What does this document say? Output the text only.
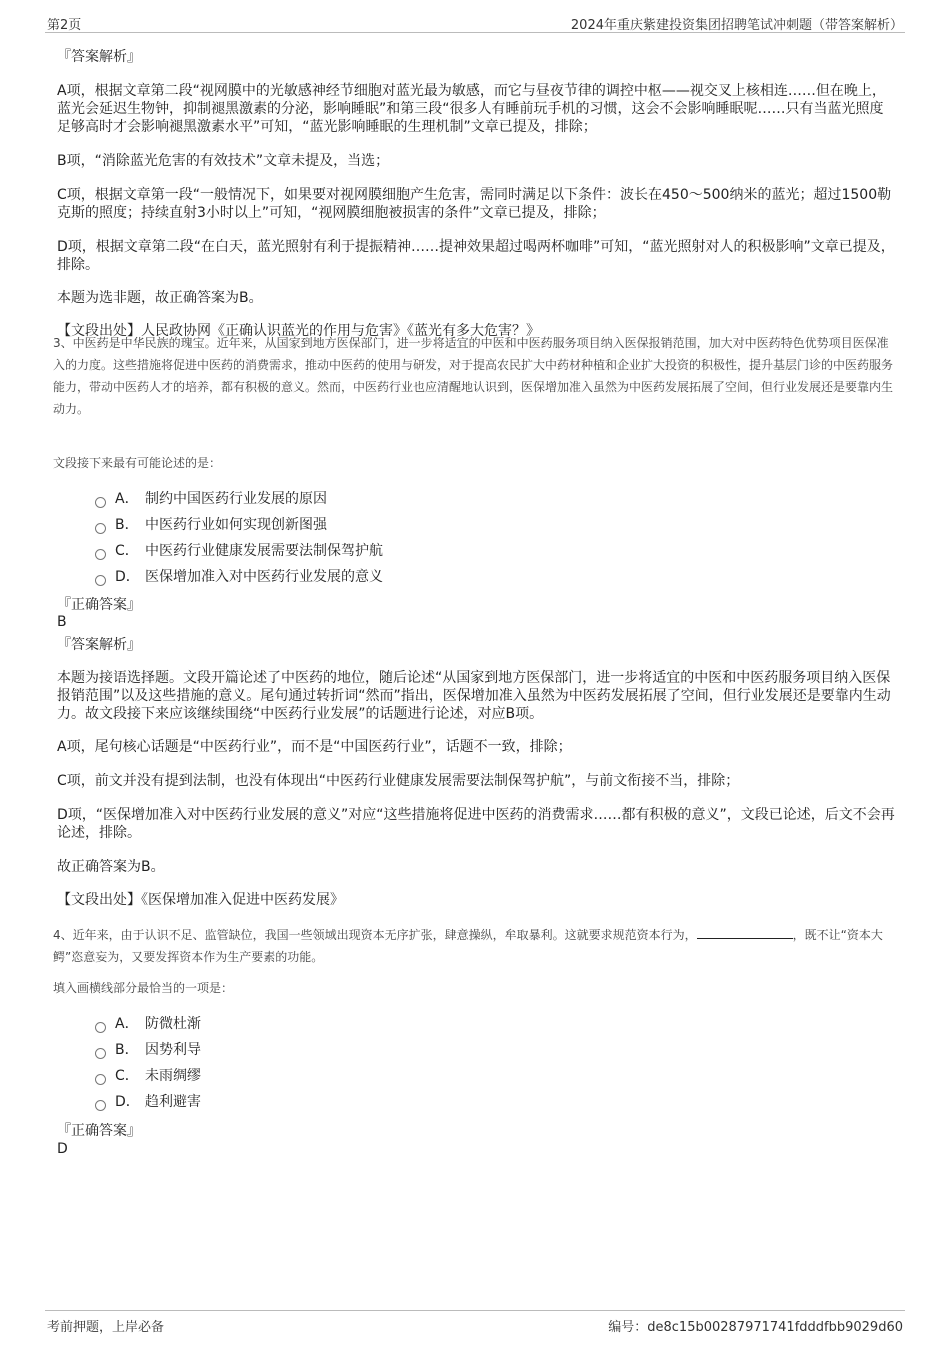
第2页	2024年重庆紫建投资集团招聘笔试冲刺题（带答案解析）
『答案解析』

A项，根据文章第二段“视网膜中的光敏感神经节细胞对蓝光最为敏感，而它与昼夜节律的调控中枢——视交叉上核相连……但在晚上，蓝光会延迟生物钟，抑制褪黑激素的分泌，影响睡眠”和第三段“很多人有睡前玩手机的习惯，这会不会影响睡眠呢……只有当蓝光照度足够高时才会影响褪黑激素水平”可知，“蓝光影响睡眠的生理机制”文章已提及，排除；

B项，“消除蓝光危害的有效技术”文章未提及，当选；

C项，根据文章第一段“一般情况下，如果要对视网膜细胞产生危害，需同时满足以下条件：波长在450～500纳米的蓝光；超过1500勒克斯的照度；持续直射3小时以上”可知，“视网膜细胞被损害的条件”文章已提及，排除；

D项，根据文章第二段“在白天，蓝光照射有利于提振精神……提神效果超过喝两杯咖啡”可知，“蓝光照射对人的积极影响”文章已提及，排除。

本题为选非题，故正确答案为B。

【文段出处】人民政协网《正确认识蓝光的作用与危害》《蓝光有多大危害？》

3、中医药是中华民族的瑰宝。近年来，从国家到地方医保部门，进一步将适宜的中医和中医药服务项目纳入医保报销范围，加大对中医药特色优势项目医保准入的力度。这些措施将促进中医药的消费需求，推动中医药的使用与研发，对于提高农民扩大中药材种植和企业扩大投资的积极性，提升基层门诊的中医药服务能力，带动中医药人才的培养，都有积极的意义。然而，中医药行业也应清醒地认识到，医保增加准入虽然为中医药发展拓展了空间，但行业发展还是要靠内生动力。

文段接下来最有可能论述的是：

A． 制约中国医药行业发展的原因
B． 中医药行业如何实现创新图强
C． 中医药行业健康发展需要法制保驾护航
D． 医保增加准入对中医药行业发展的意义
『正确答案』
B
『答案解析』

本题为接语选择题。文段开篇论述了中医药的地位，随后论述“从国家到地方医保部门，进一步将适宜的中医和中医药服务项目纳入医保报销范围”以及这些措施的意义。尾句通过转折词“然而”指出，医保增加准入虽然为中医药发展拓展了空间，但行业发展还是要靠内生动力。故文段接下来应该继续围绕“中医药行业发展”的话题进行论述，对应B项。

A项，尾句核心话题是“中医药行业”，而不是“中国医药行业”，话题不一致，排除；

C项，前文并没有提到法制，也没有体现出“中医药行业健康发展需要法制保驾护航”，与前文衔接不当，排除；

D项，“医保增加准入对中医药行业发展的意义”对应“这些措施将促进中医药的消费需求……都有积极的意义”，文段已论述，后文不会再论述，排除。

故正确答案为B。

【文段出处】《医保增加准入促进中医药发展》

4、近年来，由于认识不足、监管缺位，我国一些领域出现资本无序扩张，肆意操纵，牟取暴利。这就要求规范资本行为，	，既不让“资本大鳄”恣意妄为，又要发挥资本作为生产要素的功能。

填入画横线部分最恰当的一项是：

A． 防微杜渐
B． 因势利导
C． 未雨绸缪
D． 趋利避害
『正确答案』
D
考前押题，上岸必备	编号：de8c15b00287971741fdddfbb9029d60
